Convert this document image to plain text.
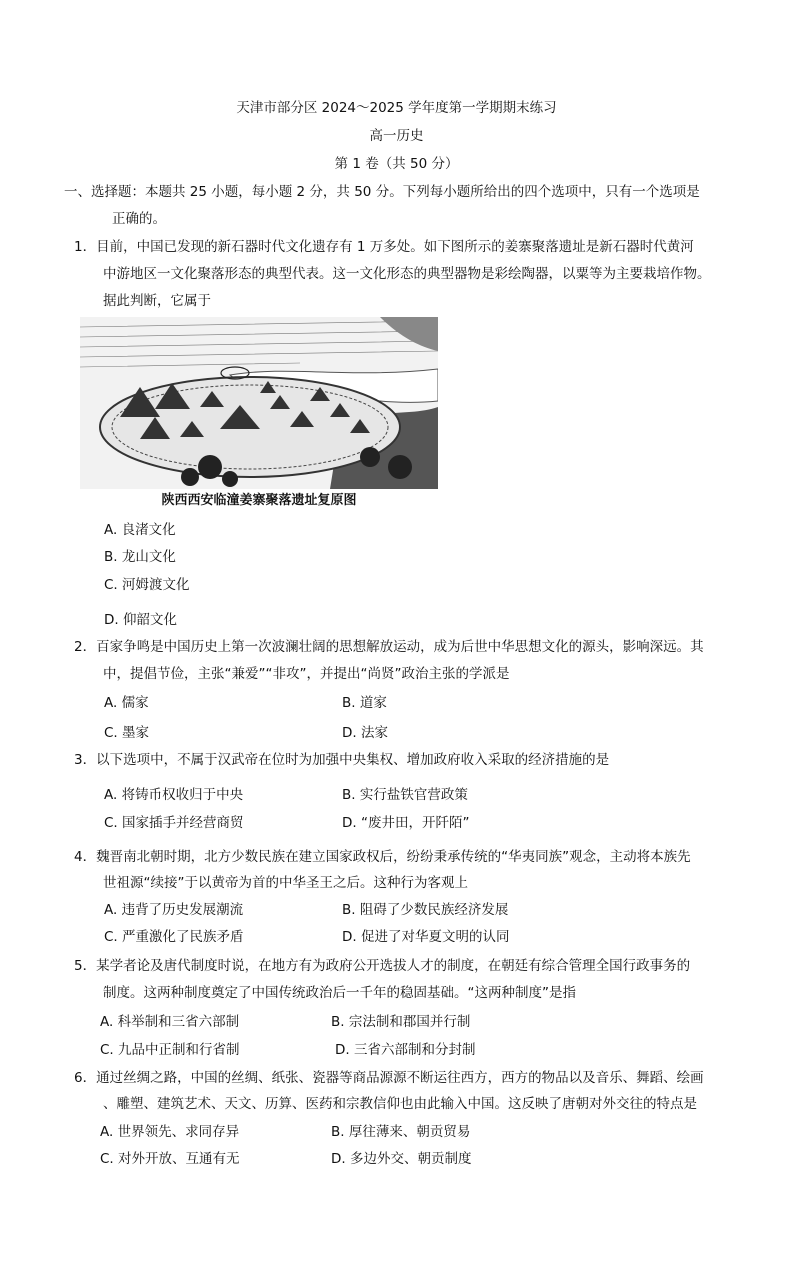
天津市部分区 2024～2025 学年度第一学期期末练习
高一历史
第 1 卷（共 50 分）
一、选择题：本题共 25 小题，每小题 2 分，共 50 分。下列每小题所给出的四个选项中，只有一个选项是
正确的。
1．目前，中国已发现的新石器时代文化遗存有 1 万多处。如下图所示的姜寨聚落遗址是新石器时代黄河
中游地区一文化聚落形态的典型代表。这一文化形态的典型器物是彩绘陶器，以粟等为主要栽培作物。
据此判断，它属于
陕西西安临潼姜寨聚落遗址复原图
A. 良渚文化
B. 龙山文化
C. 河姆渡文化
D. 仰韶文化
2．百家争鸣是中国历史上第一次波澜壮阔的思想解放运动，成为后世中华思想文化的源头，影响深远。其
中，提倡节俭，主张“兼爱”“非攻”，并提出“尚贤”政治主张的学派是
A. 儒家	B. 道家
C. 墨家	D. 法家
3．以下选项中，不属于汉武帝在位时为加强中央集权、增加政府收入采取的经济措施的是
A. 将铸币权收归于中央	B. 实行盐铁官营政策
C. 国家插手并经营商贸	D. “废井田，开阡陌”
4．魏晋南北朝时期，北方少数民族在建立国家政权后，纷纷秉承传统的“华夷同族”观念，主动将本族先
世祖源“续接”于以黄帝为首的中华圣王之后。这种行为客观上
A. 违背了历史发展潮流	B. 阻碍了少数民族经济发展
C. 严重激化了民族矛盾	D. 促进了对华夏文明的认同
5．某学者论及唐代制度时说，在地方有为政府公开选拔人才的制度，在朝廷有综合管理全国行政事务的
制度。这两种制度奠定了中国传统政治后一千年的稳固基础。“这两种制度”是指
A. 科举制和三省六部制	B. 宗法制和郡国并行制
C. 九品中正制和行省制	D. 三省六部制和分封制
6．通过丝绸之路，中国的丝绸、纸张、瓷器等商品源源不断运往西方，西方的物品以及音乐、舞蹈、绘画
、雕塑、建筑艺术、天文、历算、医药和宗教信仰也由此输入中国。这反映了唐朝对外交往的特点是
A. 世界领先、求同存异	B. 厚往薄来、朝贡贸易
C. 对外开放、互通有无	D. 多边外交、朝贡制度
